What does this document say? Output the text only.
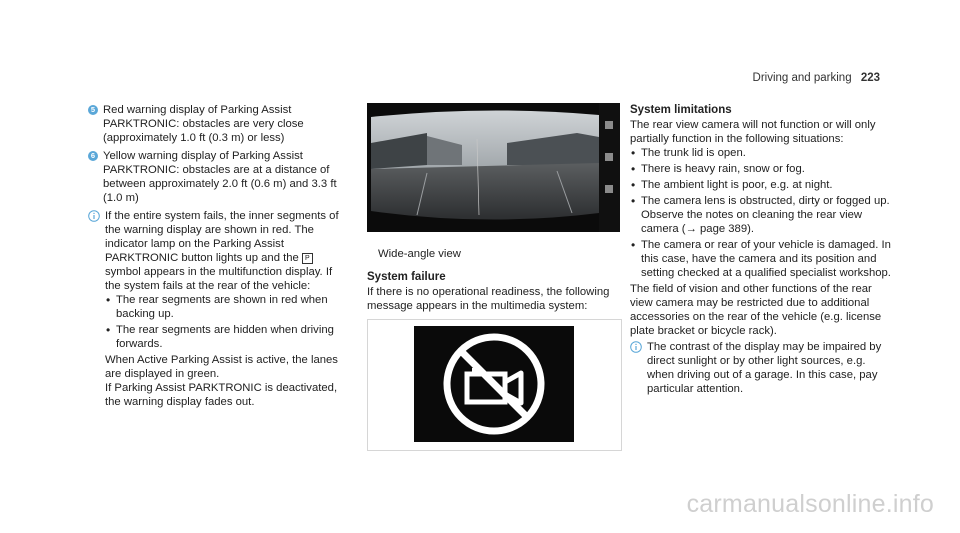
Driving and parking 223
5 Red warning display of Parking Assist PARKTRONIC: obstacles are very close (approximately 1.0 ft (0.3 m) or less)

6 Yellow warning display of Parking Assist PARKTRONIC: obstacles are at a distance of between approximately 2.0 ft (0.6 m) and 3.3 ft (1.0 m)

If the entire system fails, the inner segments of the warning display are shown in red. The indicator lamp on the Parking Assist PARKTRONIC button lights up and the P symbol appears in the multifunction display. If the system fails at the rear of the vehicle:

• The rear segments are shown in red when backing up.
• The rear segments are hidden when driving forwards.

When Active Parking Assist is active, the lanes are displayed in green.

If Parking Assist PARKTRONIC is deactivated, the warning display fades out.

Wide-angle view
System failure

If there is no operational readiness, the following message appears in the multimedia system:

System limitations

The rear view camera will not function or will only partially function in the following situations:

• The trunk lid is open.
• There is heavy rain, snow or fog.
• The ambient light is poor, e.g. at night.
• The camera lens is obstructed, dirty or fogged up. Observe the notes on cleaning the rear view camera (→ page 389).
• The camera or rear of your vehicle is damaged. In this case, have the camera and its position and setting checked at a qualified specialist workshop.

The field of vision and other functions of the rear view camera may be restricted due to additional accessories on the rear of the vehicle (e.g. license plate bracket or bicycle rack).

The contrast of the display may be impaired by direct sunlight or by other light sources, e.g. when driving out of a garage. In this case, pay particular attention.

carmanualsonline.info
